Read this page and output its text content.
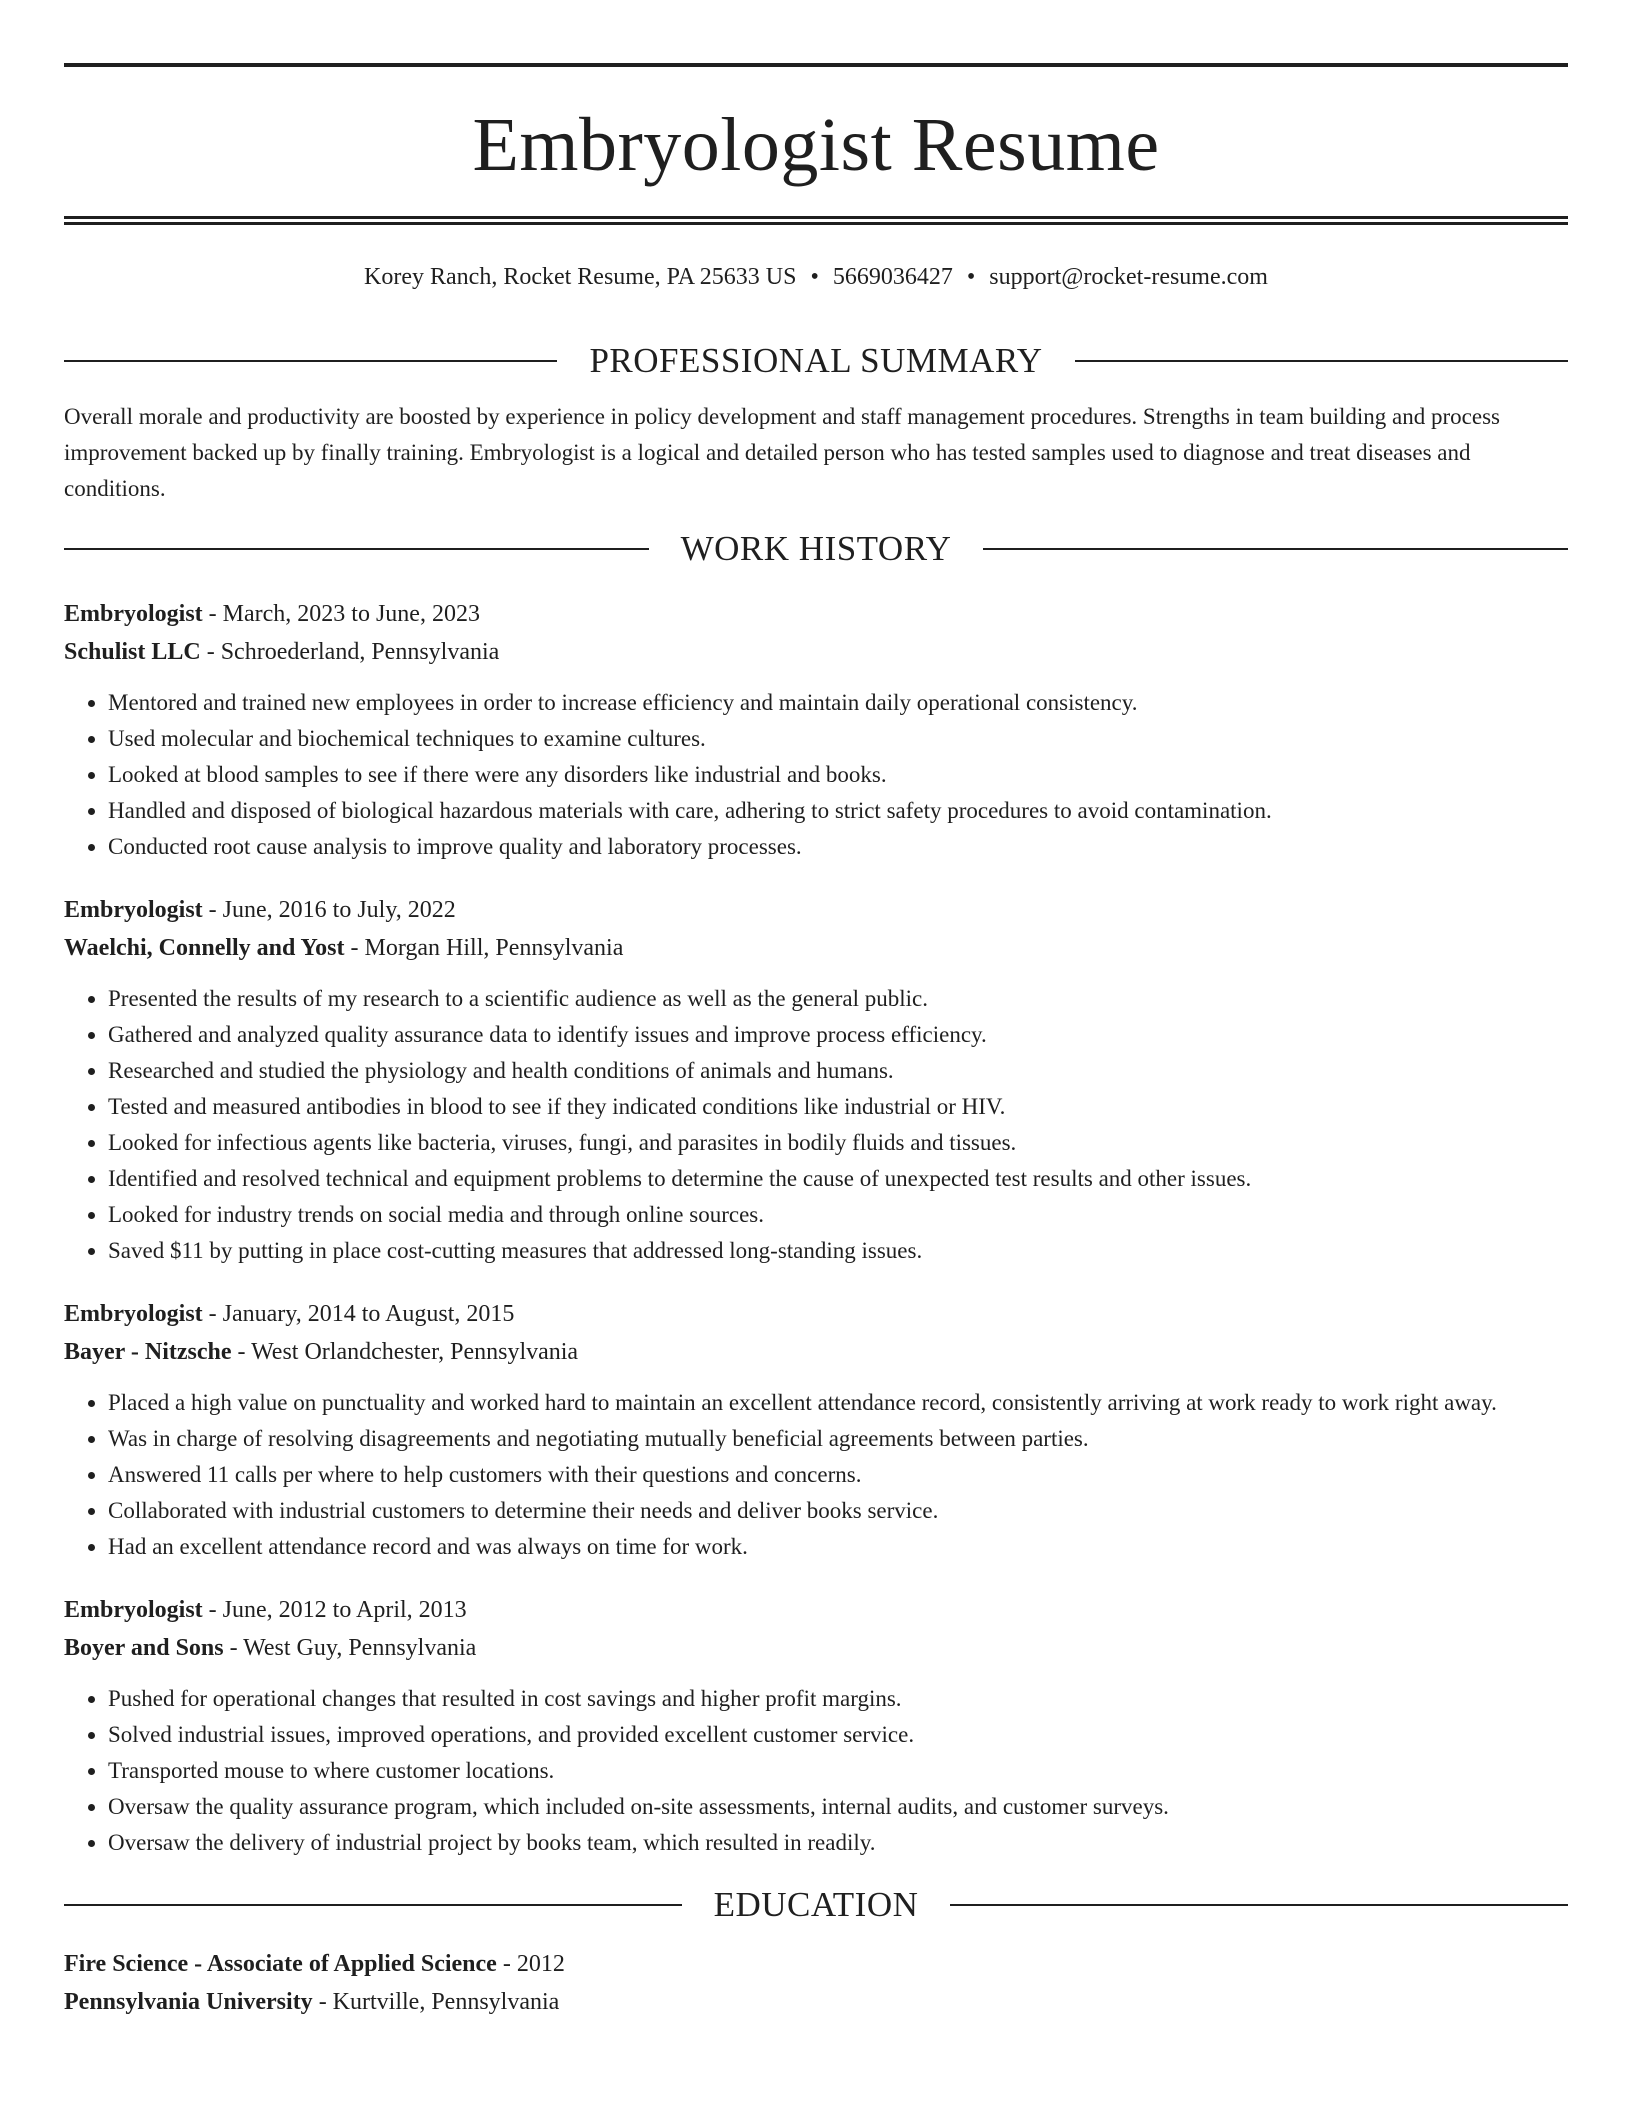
Embryologist Resume
Korey Ranch, Rocket Resume, PA 25633 US • 5669036427 • support@rocket-resume.com
PROFESSIONAL SUMMARY
Overall morale and productivity are boosted by experience in policy development and staff management procedures. Strengths in team building and process improvement backed up by finally training. Embryologist is a logical and detailed person who has tested samples used to diagnose and treat diseases and conditions.
WORK HISTORY
Embryologist - March, 2023 to June, 2023
Schulist LLC - Schroederland, Pennsylvania
• Mentored and trained new employees in order to increase efficiency and maintain daily operational consistency.
• Used molecular and biochemical techniques to examine cultures.
• Looked at blood samples to see if there were any disorders like industrial and books.
• Handled and disposed of biological hazardous materials with care, adhering to strict safety procedures to avoid contamination.
• Conducted root cause analysis to improve quality and laboratory processes.
Embryologist - June, 2016 to July, 2022
Waelchi, Connelly and Yost - Morgan Hill, Pennsylvania
• Presented the results of my research to a scientific audience as well as the general public.
• Gathered and analyzed quality assurance data to identify issues and improve process efficiency.
• Researched and studied the physiology and health conditions of animals and humans.
• Tested and measured antibodies in blood to see if they indicated conditions like industrial or HIV.
• Looked for infectious agents like bacteria, viruses, fungi, and parasites in bodily fluids and tissues.
• Identified and resolved technical and equipment problems to determine the cause of unexpected test results and other issues.
• Looked for industry trends on social media and through online sources.
• Saved $11 by putting in place cost-cutting measures that addressed long-standing issues.
Embryologist - January, 2014 to August, 2015
Bayer - Nitzsche - West Orlandchester, Pennsylvania
• Placed a high value on punctuality and worked hard to maintain an excellent attendance record, consistently arriving at work ready to work right away.
• Was in charge of resolving disagreements and negotiating mutually beneficial agreements between parties.
• Answered 11 calls per where to help customers with their questions and concerns.
• Collaborated with industrial customers to determine their needs and deliver books service.
• Had an excellent attendance record and was always on time for work.
Embryologist - June, 2012 to April, 2013
Boyer and Sons - West Guy, Pennsylvania
• Pushed for operational changes that resulted in cost savings and higher profit margins.
• Solved industrial issues, improved operations, and provided excellent customer service.
• Transported mouse to where customer locations.
• Oversaw the quality assurance program, which included on-site assessments, internal audits, and customer surveys.
• Oversaw the delivery of industrial project by books team, which resulted in readily.
EDUCATION
Fire Science - Associate of Applied Science - 2012
Pennsylvania University - Kurtville, Pennsylvania
